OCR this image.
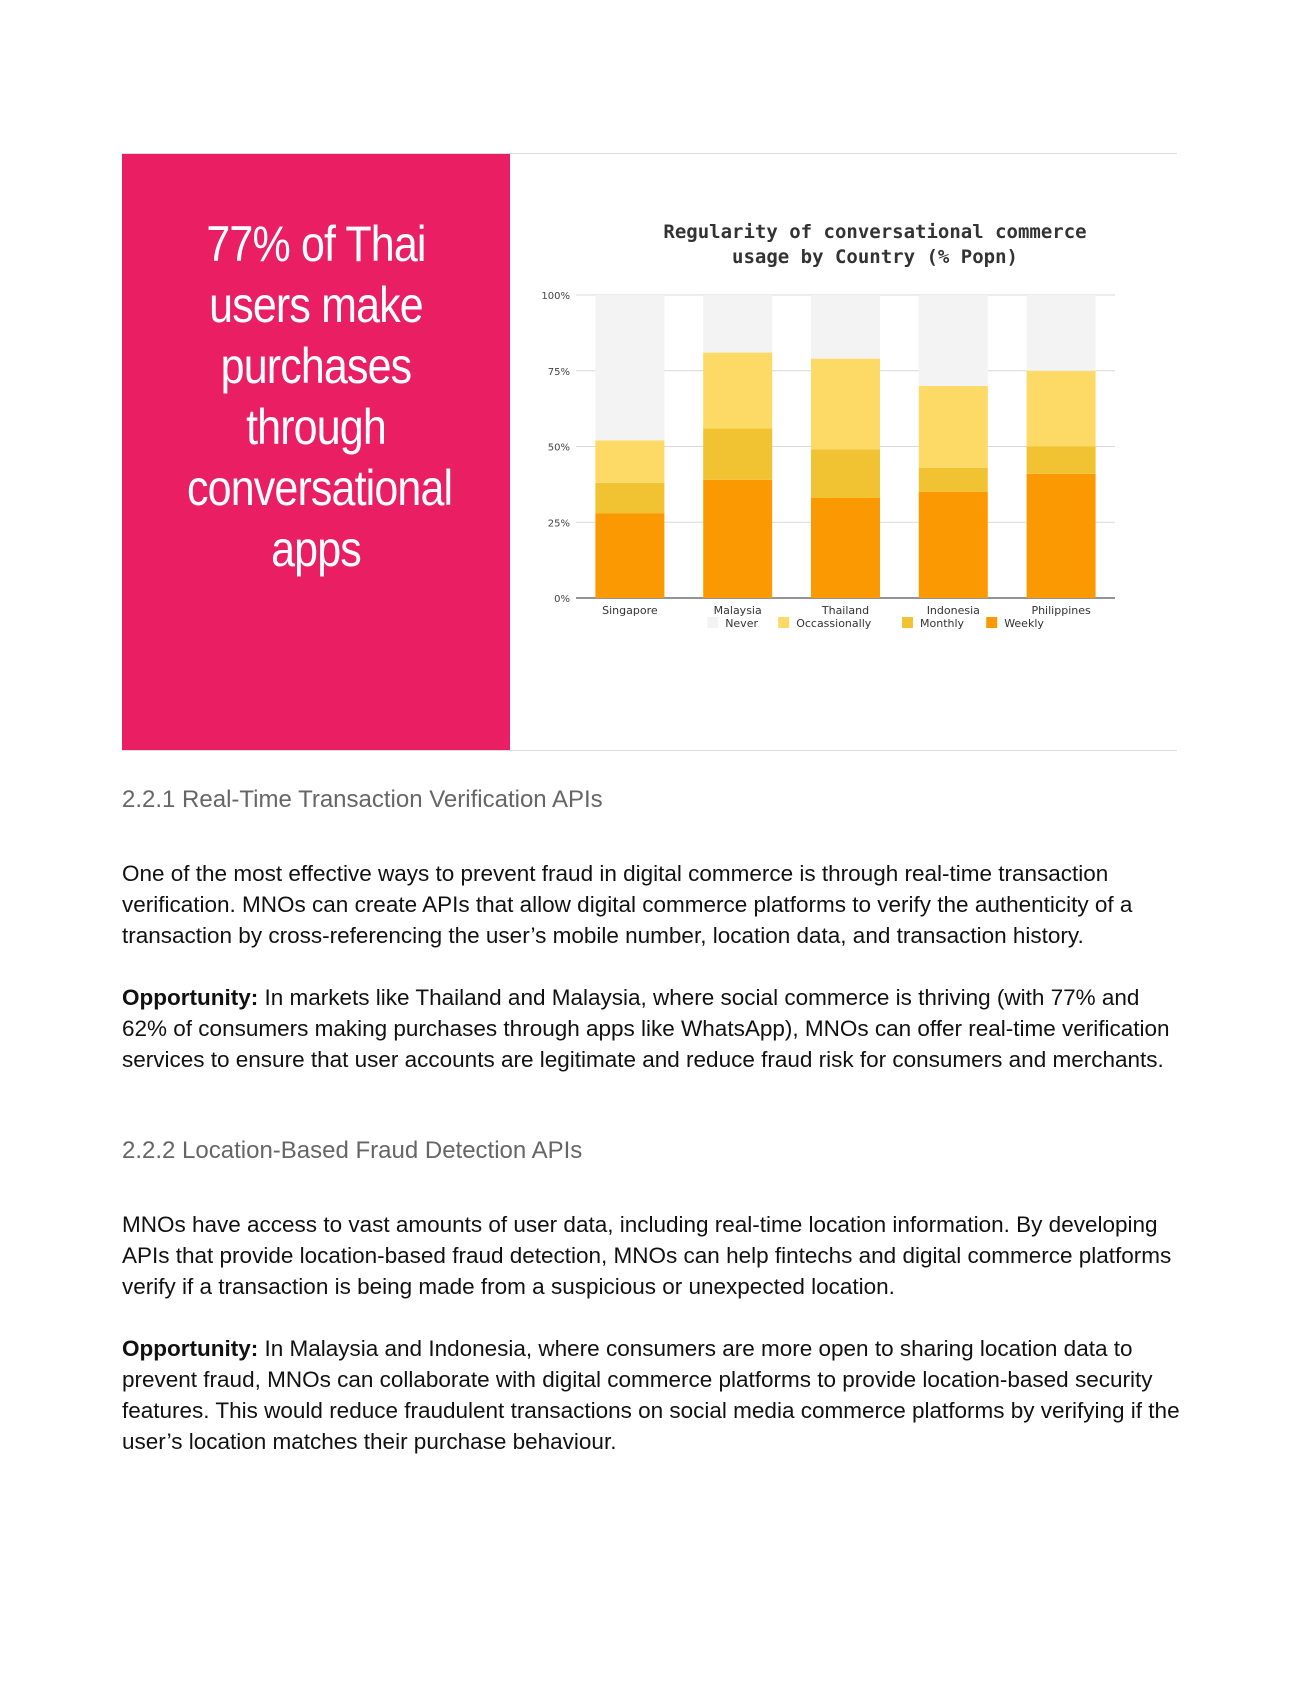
77% of Thai users make purchases through conversational apps

Regularity of conversational commerce
usage by Country (% Popn)
0%
25%
50%
75%
100%
Singapore	Malaysia	Thailand	Indonesia	Philippines
Never	Occassionally	Monthly	Weekly
2.2.1 Real-Time Transaction Verification APIs

One of the most effective ways to prevent fraud in digital commerce is through real-time transaction verification. MNOs can create APIs that allow digital commerce platforms to verify the authenticity of a transaction by cross-referencing the user’s mobile number, location data, and transaction history.

Opportunity: In markets like Thailand and Malaysia, where social commerce is thriving (with 77% and 62% of consumers making purchases through apps like WhatsApp), MNOs can offer real-time verification services to ensure that user accounts are legitimate and reduce fraud risk for consumers and merchants.

2.2.2 Location-Based Fraud Detection APIs

MNOs have access to vast amounts of user data, including real-time location information. By developing APIs that provide location-based fraud detection, MNOs can help fintechs and digital commerce platforms verify if a transaction is being made from a suspicious or unexpected location.

Opportunity: In Malaysia and Indonesia, where consumers are more open to sharing location data to prevent fraud, MNOs can collaborate with digital commerce platforms to provide location-based security features. This would reduce fraudulent transactions on social media commerce platforms by verifying if the user’s location matches their purchase behaviour.
